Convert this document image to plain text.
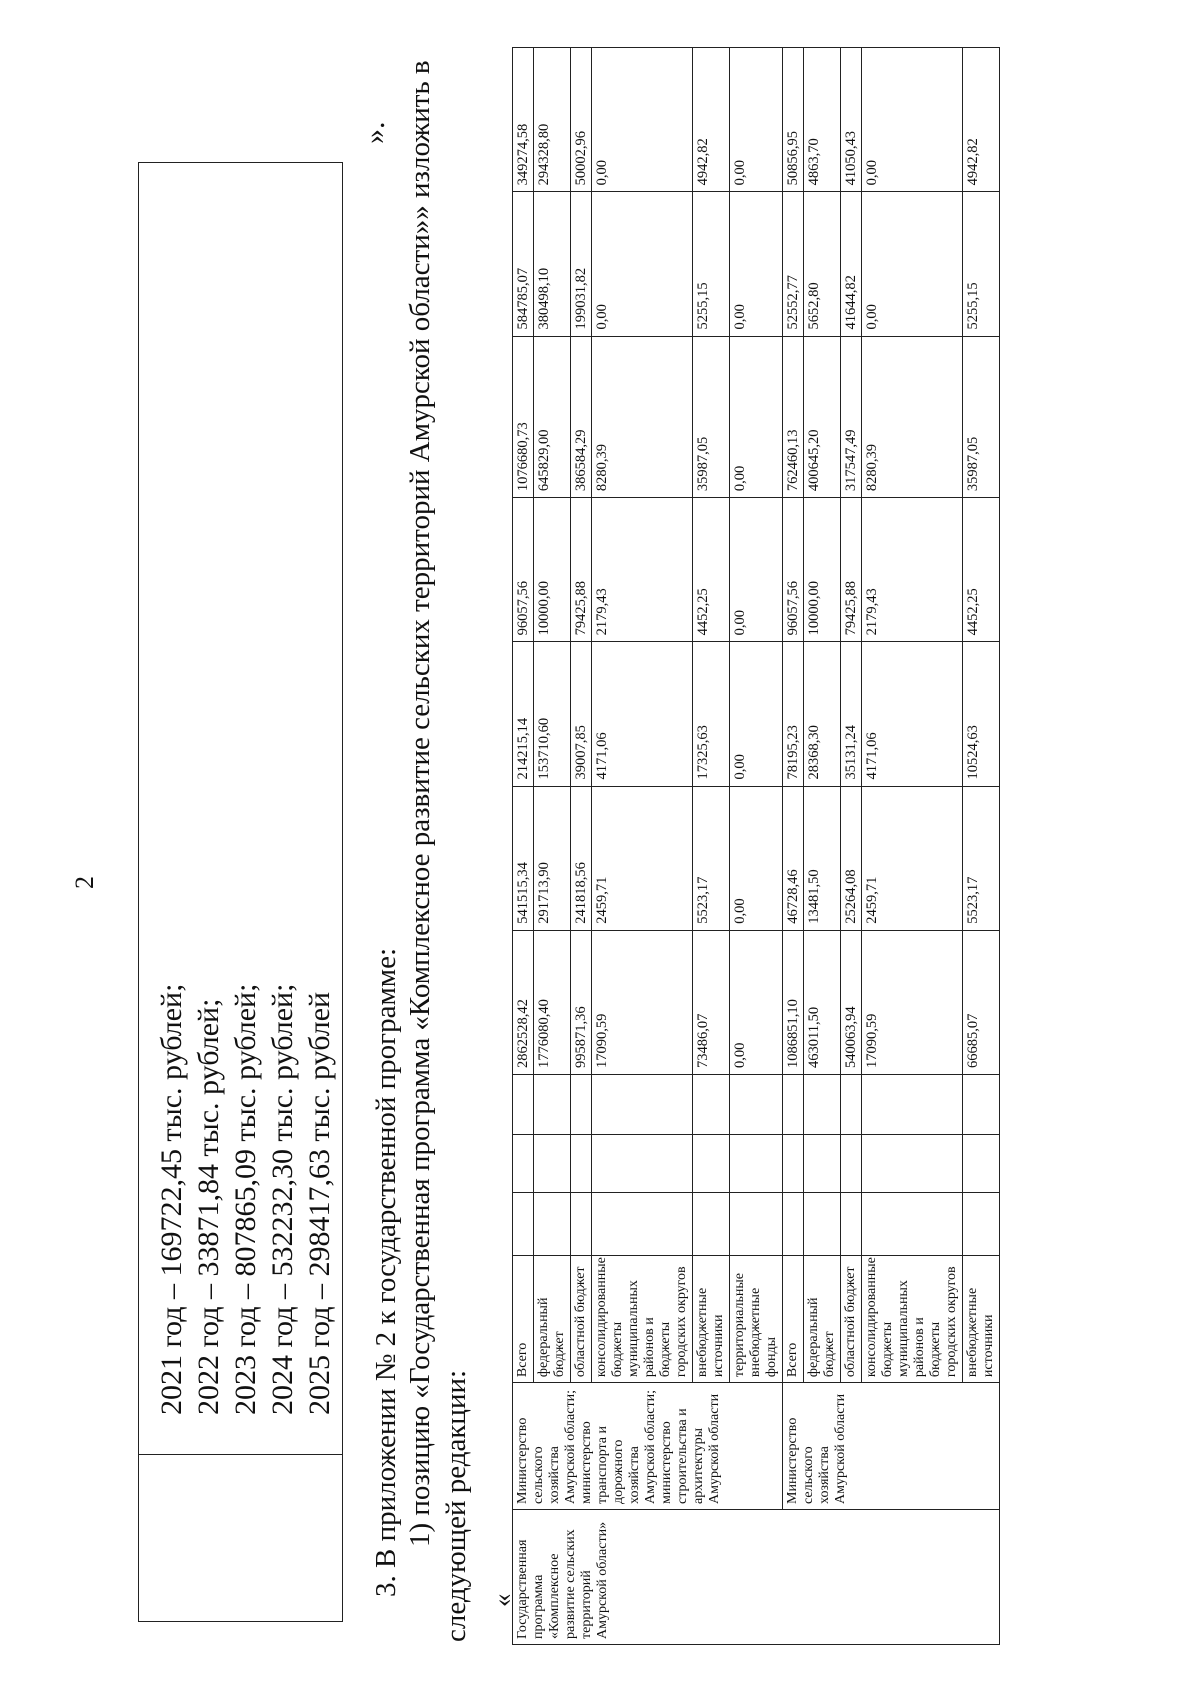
2
2021 год – 169722,45 тыс. рублей; 2022 год – 33871,84 тыс. рублей; 2023 год – 807865,09 тыс. рублей; 2024 год – 532232,30 тыс. рублей; 2025 год – 298417,63 тыс. рублей
».
3. В приложении № 2 к государственной программе: 1) позицию «Государственная программа «Комплексное развитие сельских территорий Амурской области»» изложить в следующей редакции: «
Государственная программа «Комплексное развитие сельских территорий Амурской области»	Министерство сельского хозяйства Амурской области; министерство транспорта и дорожного хозяйства Амурской области; министерство строительства и архитектуры Амурской области	Всего				2862528,42	541515,34	214215,14	96057,56	1076680,73	584785,07	349274,58
		федеральный бюджет				1776080,40	291713,90	153710,60	10000,00	645829,00	380498,10	294328,80
		областной бюджет				995871,36	241818,56	39007,85	79425,88	386584,29	199031,82	50002,96
		консолидированные бюджеты муниципальных районов и бюджеты городских округов				17090,59	2459,71	4171,06	2179,43	8280,39	0,00	0,00
		внебюджетные источники				73486,07	5523,17	17325,63	4452,25	35987,05	5255,15	4942,82
		территориальные внебюджетные фонды				0,00	0,00	0,00	0,00	0,00	0,00	0,00
	Министерство сельского хозяйства Амурской области	Всего				1086851,10	46728,46	78195,23	96057,56	762460,13	52552,77	50856,95
		федеральный бюджет				463011,50	13481,50	28368,30	10000,00	400645,20	5652,80	4863,70
		областной бюджет				540063,94	25264,08	35131,24	79425,88	317547,49	41644,82	41050,43
		консолидированные бюджеты муниципальных районов и бюджеты городских округов				17090,59	2459,71	4171,06	2179,43	8280,39	0,00	0,00
		внебюджетные источники				66685,07	5523,17	10524,63	4452,25	35987,05	5255,15	4942,82
